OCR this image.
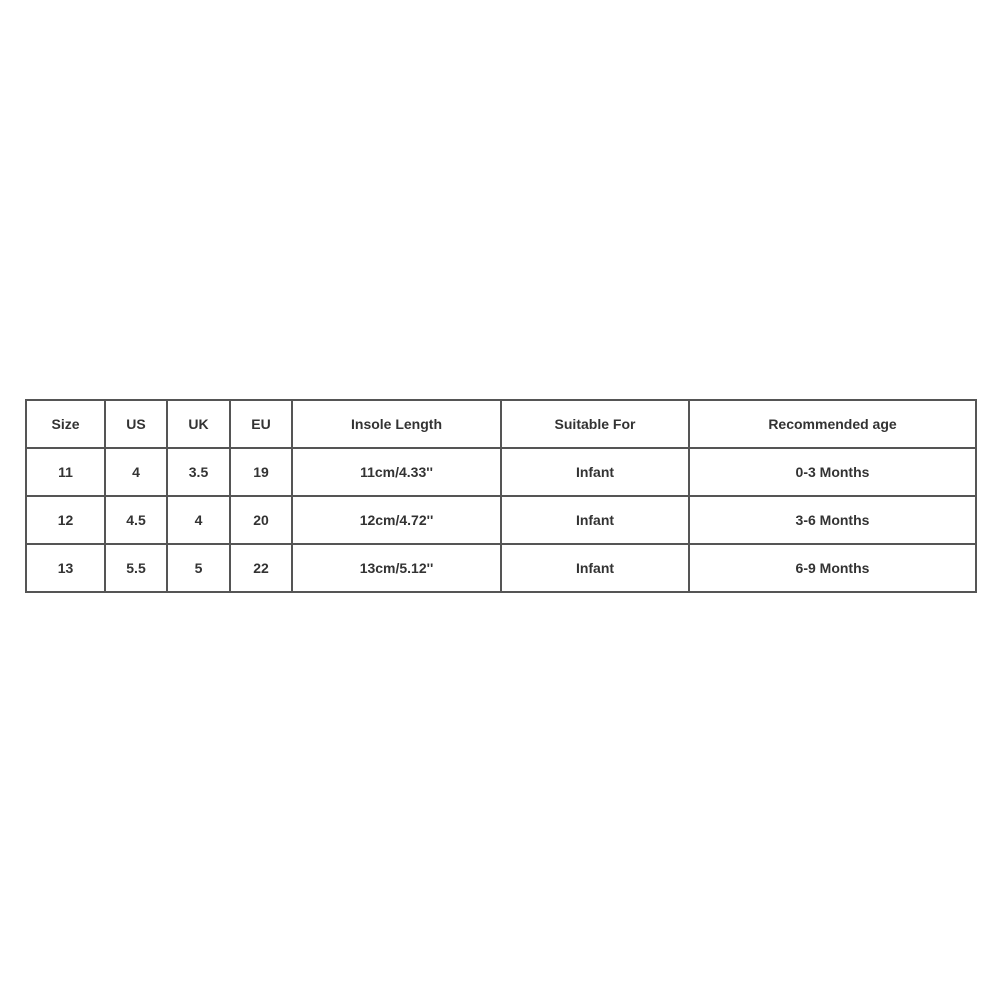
Size	US	UK	EU	Insole Length	Suitable For	Recommended age
11	4	3.5	19	11cm/4.33''	Infant	0-3 Months
12	4.5	4	20	12cm/4.72''	Infant	3-6 Months
13	5.5	5	22	13cm/5.12''	Infant	6-9 Months
